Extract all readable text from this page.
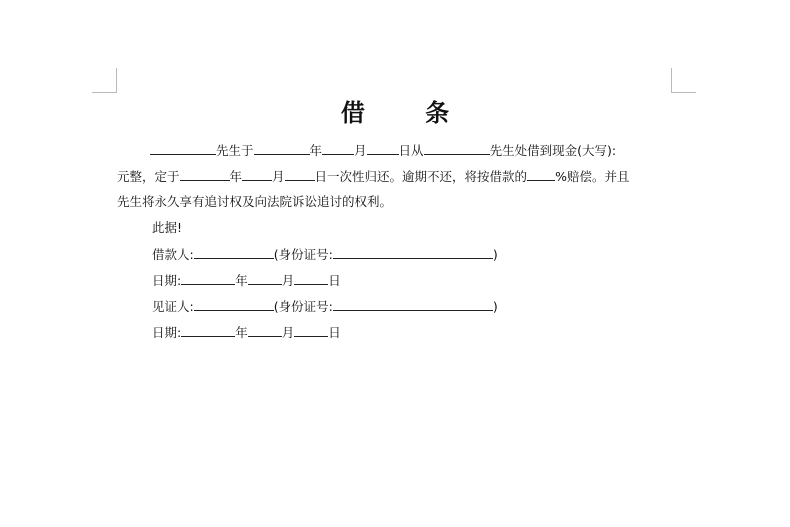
借 条
先生于	年	月	日从	先生处借到现金(大写):
元整，定于	年 月 日一次性归还。逾期不还，将按借款的 %赔偿。并且
先生将永久享有追讨权及向法院诉讼追讨的权利。
此据!
借款人:	(身份证号:	)
日期:	年	月	日
见证人:	(身份证号:	)
日期:	年	月	日
